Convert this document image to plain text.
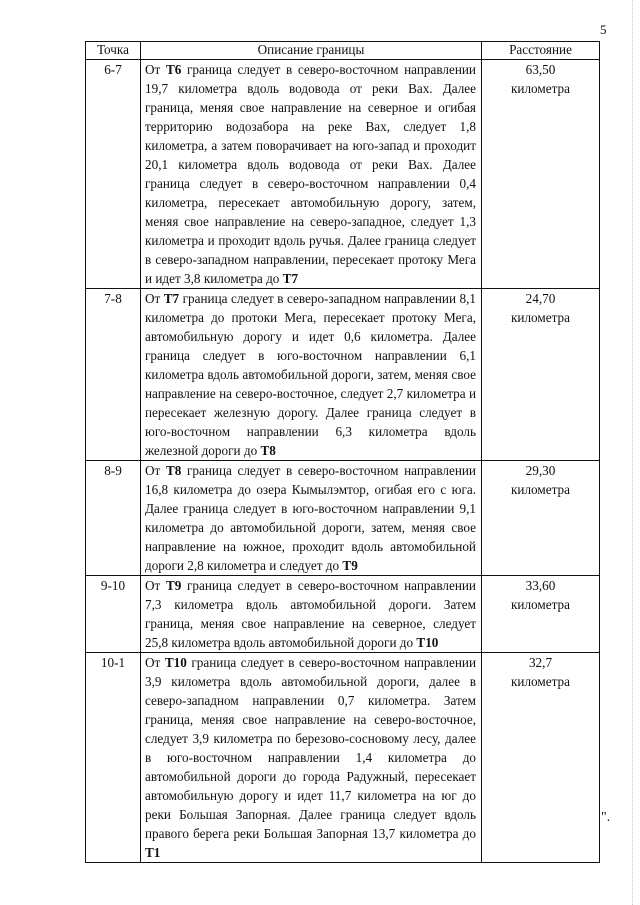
5
Точка	Описание границы	Расстояние
6-7	От Т6 граница следует в северо-восточном направлении 19,7 километра вдоль водовода от реки Вах. Далее граница, меняя свое направление на северное и огибая территорию водозабора на реке Вах, следует 1,8 километра, а затем поворачивает на юго-запад и проходит 20,1 километра вдоль водовода от реки Вах. Далее граница следует в северо-восточном направлении 0,4 километра, пересекает автомобильную дорогу, затем, меняя свое направление на северо-западное, следует 1,3 километра и проходит вдоль ручья. Далее граница следует в северо-западном направлении, пересекает протоку Мега и идет 3,8 километра до Т7	63,50
километра

7-8	От Т7 граница следует в северо-западном направлении 8,1 километра до протоки Мега, пересекает протоку Мега, автомобильную дорогу и идет 0,6 километра. Далее граница следует в юго-восточном направлении 6,1 километра вдоль автомобильной дороги, затем, меняя свое направление на северо-восточное, следует 2,7 километра и пересекает железную дорогу. Далее граница следует в юго-восточном направлении 6,3 километра вдоль железной дороги до Т8	24,70
километра

8-9	От Т8 граница следует в северо-восточном направлении 16,8 километра до озера Кымылэмтор, огибая его с юга. Далее граница следует в юго-восточном направлении 9,1 километра до автомобильной дороги, затем, меняя свое направление на южное, проходит вдоль автомобильной дороги 2,8 километра и следует до Т9	29,30
километра

9-10	От Т9 граница следует в северо-восточном направлении 7,3 километра вдоль автомобильной дороги. Затем граница, меняя свое направление на северное, следует 25,8 километра вдоль автомобильной дороги до Т10	33,60
километра

10-1	От Т10 граница следует в северо-восточном направлении 3,9 километра вдоль автомобильной дороги, далее в северо-западном направлении 0,7 километра. Затем граница, меняя свое направление на северо-восточное, следует 3,9 километра по березово-сосновому лесу, далее в юго-восточном направлении 1,4 километра до автомобильной дороги до города Радужный, пересекает автомобильную дорогу и идет 11,7 километра на юг до реки Большая Запорная. Далее граница следует вдоль правого берега реки Большая Запорная 13,7 километра до Т1	32,7
километра
".
